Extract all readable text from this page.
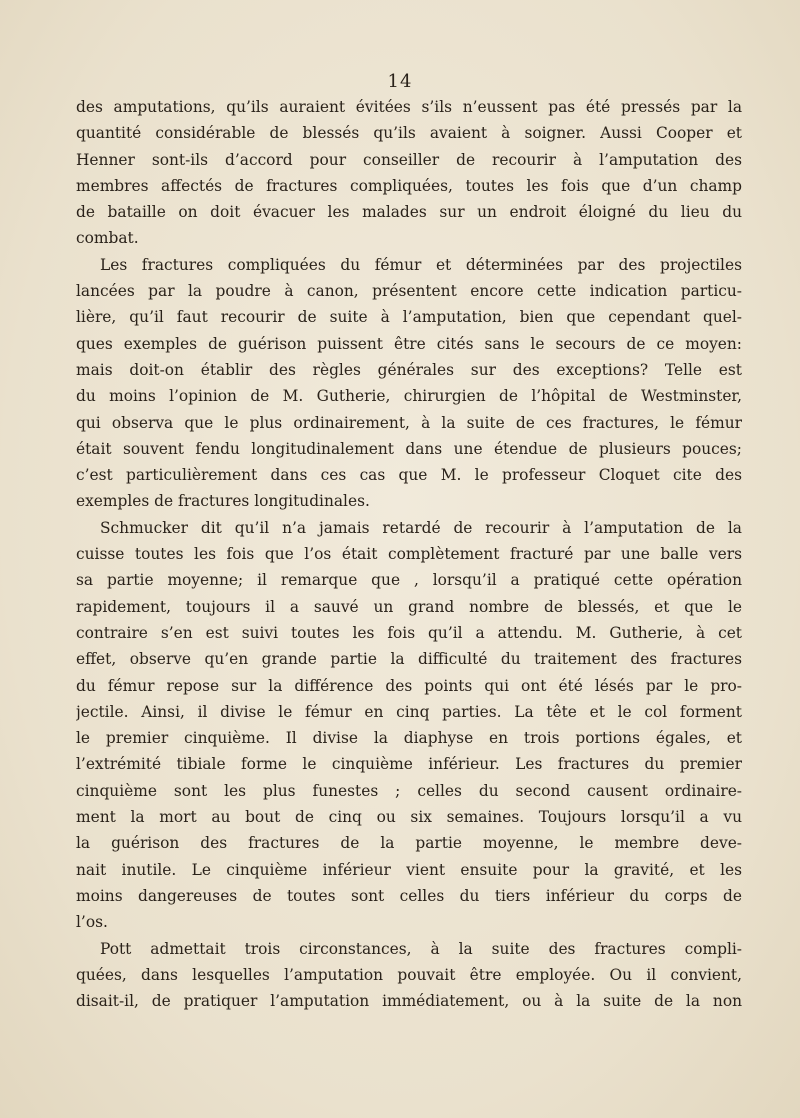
14
des amputations, qu’ils auraient évitées s’ils n’eussent pas été pressés par la
quantité considérable de blessés qu’ils avaient à soigner. Aussi Cooper et
Henner sont-ils d’accord pour conseiller de recourir à l’amputation des
membres affectés de fractures compliquées, toutes les fois que d’un champ
de bataille on doit évacuer les malades sur un endroit éloigné du lieu du
combat.
Les fractures compliquées du fémur et déterminées par des projectiles
lancées par la poudre à canon, présentent encore cette indication particu-
lière, qu’il faut recourir de suite à l’amputation, bien que cependant quel-
ques exemples de guérison puissent être cités sans le secours de ce moyen:
mais doit-on établir des règles générales sur des exceptions? Telle est
du moins l’opinion de M. Gutherie, chirurgien de l’hôpital de Westminster,
qui observa que le plus ordinairement, à la suite de ces fractures, le fémur
était souvent fendu longitudinalement dans une étendue de plusieurs pouces;
c’est particulièrement dans ces cas que M. le professeur Cloquet cite des
exemples de fractures longitudinales.
Schmucker dit qu’il n’a jamais retardé de recourir à l’amputation de la
cuisse toutes les fois que l’os était complètement fracturé par une balle vers
sa partie moyenne; il remarque que , lorsqu’il a pratiqué cette opération
rapidement, toujours il a sauvé un grand nombre de blessés, et que le
contraire s’en est suivi toutes les fois qu’il a attendu. M. Gutherie, à cet
effet, observe qu’en grande partie la difficulté du traitement des fractures
du fémur repose sur la différence des points qui ont été lésés par le pro-
jectile. Ainsi, il divise le fémur en cinq parties. La tête et le col forment
le premier cinquième. Il divise la diaphyse en trois portions égales, et
l’extrémité tibiale forme le cinquième inférieur. Les fractures du premier
cinquième sont les plus funestes ; celles du second causent ordinaire-
ment la mort au bout de cinq ou six semaines. Toujours lorsqu’il a vu
la guérison des fractures de la partie moyenne, le membre deve-
nait inutile. Le cinquième inférieur vient ensuite pour la gravité, et les
moins dangereuses de toutes sont celles du tiers inférieur du corps de
l’os.
Pott admettait trois circonstances, à la suite des fractures compli-
quées, dans lesquelles l’amputation pouvait être employée. Ou il convient,
disait-il, de pratiquer l’amputation immédiatement, ou à la suite de la non
